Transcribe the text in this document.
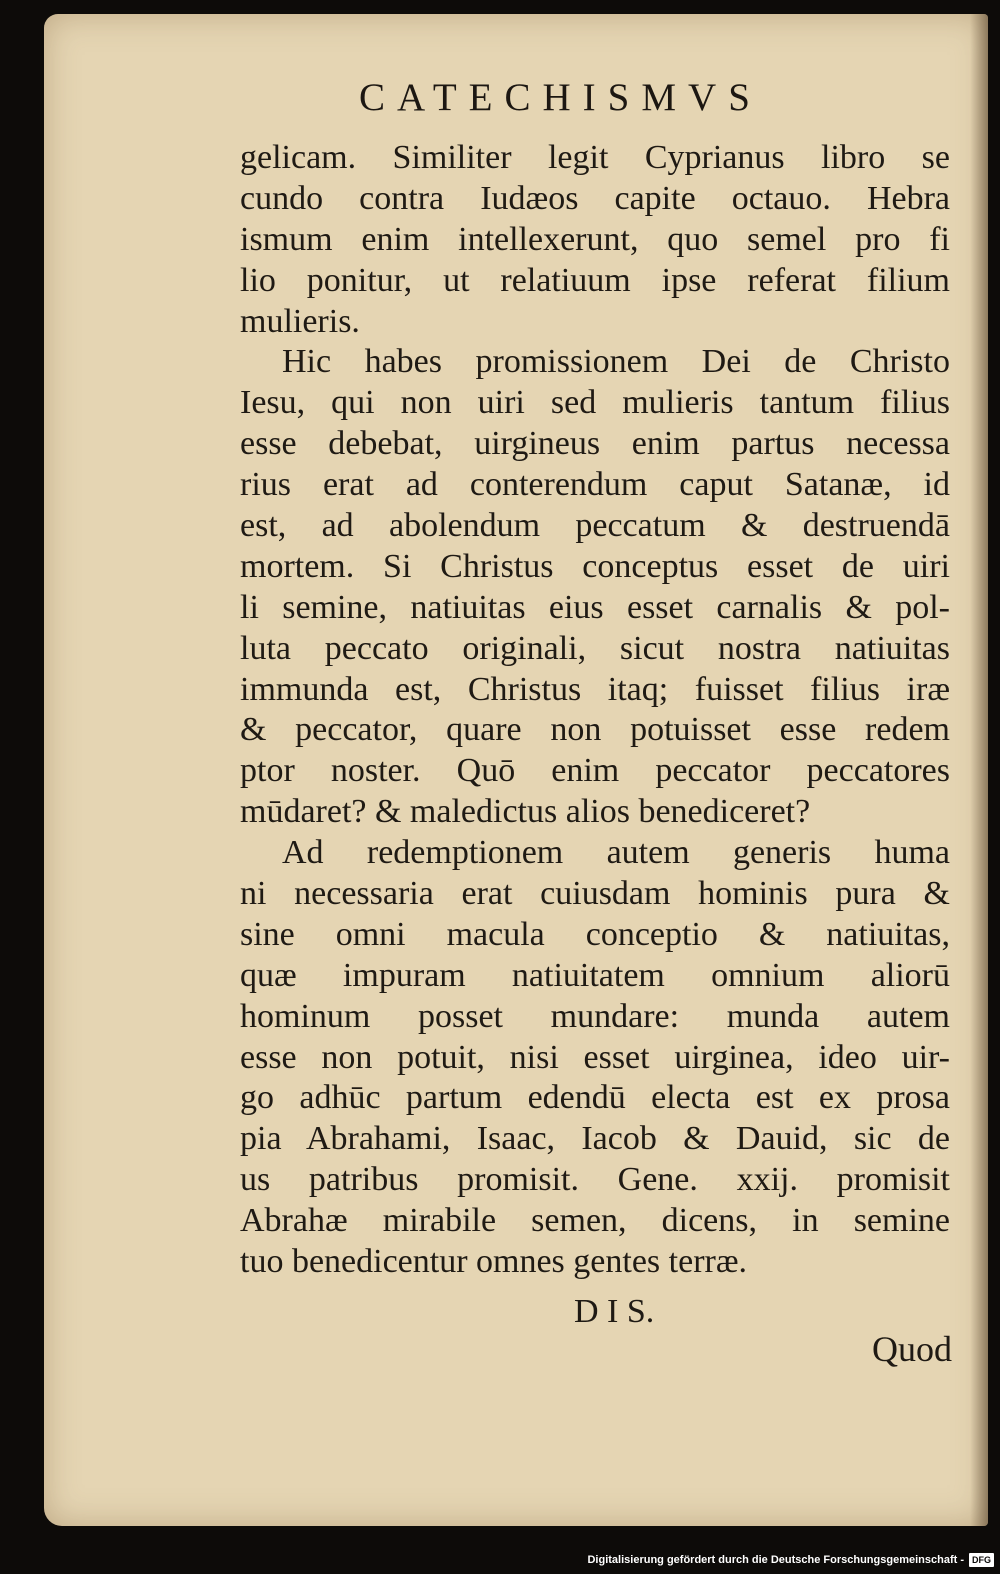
CATECHISMVS
gelicam. Similiter legit Cyprianus libro se
cundo contra Iudæos capite octauo. Hebra
ismum enim intellexerunt, quo semel pro fi
lio ponitur, ut relatiuum ipse referat filium
mulieris.
Hic habes promissionem Dei de Christo
Iesu, qui non uiri sed mulieris tantum filius
esse debebat, uirgineus enim partus necessa
rius erat ad conterendum caput Satanæ, id
est, ad abolendum peccatum & destruendā
mortem. Si Christus conceptus esset de uiri
li semine, natiuitas eius esset carnalis & pol-
luta peccato originali, sicut nostra natiuitas
immunda est, Christus itaq; fuisset filius iræ
& peccator, quare non potuisset esse redem
ptor noster. Quō enim peccator peccatores
mūdaret? & maledictus alios benediceret?
Ad redemptionem autem generis huma
ni necessaria erat cuiusdam hominis pura &
sine omni macula conceptio & natiuitas,
quæ impuram natiuitatem omnium aliorū
hominum posset mundare: munda autem
esse non potuit, nisi esset uirginea, ideo uir-
go adhūc partum edendū electa est ex prosa
pia Abrahami, Isaac, Iacob & Dauid, sic de
us patribus promisit. Gene. xxij. promisit
Abrahæ mirabile semen, dicens, in semine
tuo benedicentur omnes gentes terræ.

D I S.

Quod

Digitalisierung gefördert durch die Deutsche Forschungsgemeinschaft - DFG
